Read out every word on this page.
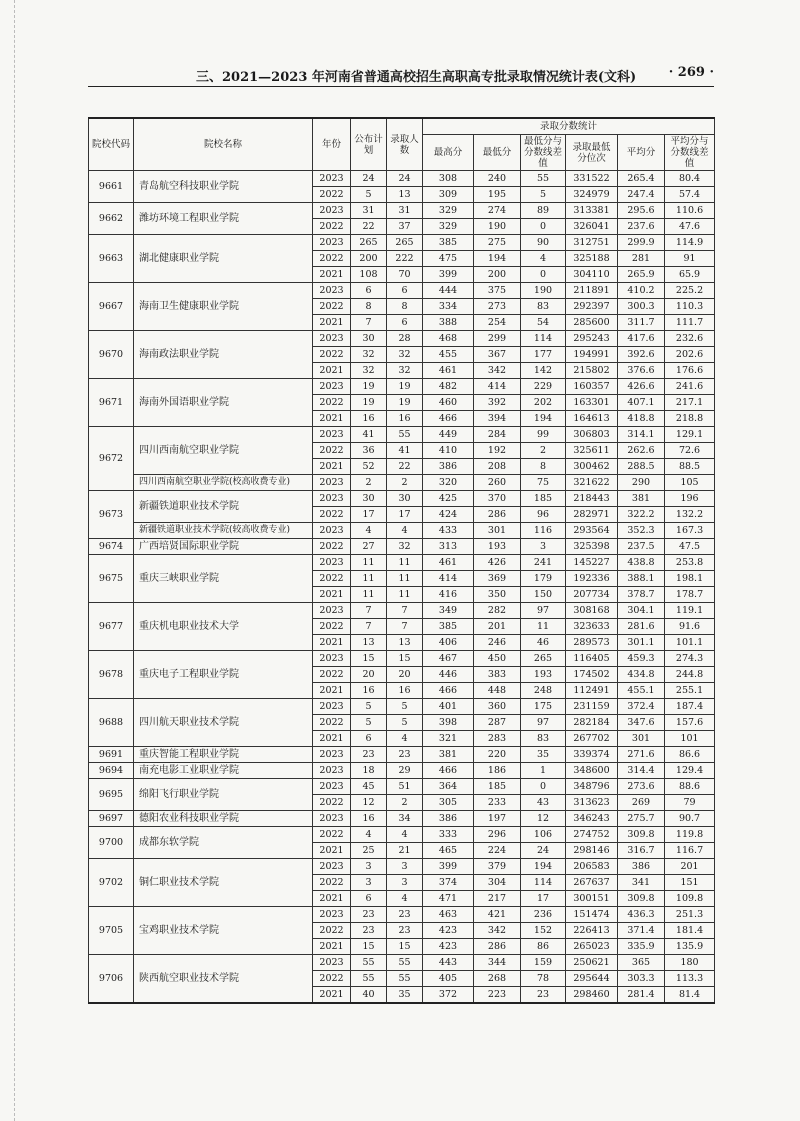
三、2021—2023 年河南省普通高校招生高职高专批录取情况统计表(文科)	· 269 ·
院校代码	院校名称	年份	公布计划	录取人数	录取分数统计					
					最高分	最低分	最低分与分数线差值	录取最低分位次	平均分	平均分与分数线差值
9661	青岛航空科技职业学院	2023	24	24	308	240	55	331522	265.4	80.4
		2022	5	13	309	195	5	324979	247.4	57.4
9662	潍坊环境工程职业学院	2023	31	31	329	274	89	313381	295.6	110.6
		2022	22	37	329	190	0	326041	237.6	47.6
9663	湖北健康职业学院	2023	265	265	385	275	90	312751	299.9	114.9
		2022	200	222	475	194	4	325188	281	91
		2021	108	70	399	200	0	304110	265.9	65.9
9667	海南卫生健康职业学院	2023	6	6	444	375	190	211891	410.2	225.2
		2022	8	8	334	273	83	292397	300.3	110.3
		2021	7	6	388	254	54	285600	311.7	111.7
9670	海南政法职业学院	2023	30	28	468	299	114	295243	417.6	232.6
		2022	32	32	455	367	177	194991	392.6	202.6
		2021	32	32	461	342	142	215802	376.6	176.6
9671	海南外国语职业学院	2023	19	19	482	414	229	160357	426.6	241.6
		2022	19	19	460	392	202	163301	407.1	217.1
		2021	16	16	466	394	194	164613	418.8	218.8
9672	四川西南航空职业学院	2023	41	55	449	284	99	306803	314.1	129.1
		2022	36	41	410	192	2	325611	262.6	72.6
		2021	52	22	386	208	8	300462	288.5	88.5
	四川西南航空职业学院(校高收费专业)	2023	2	2	320	260	75	321622	290	105
9673	新疆铁道职业技术学院	2023	30	30	425	370	185	218443	381	196
		2022	17	17	424	286	96	282971	322.2	132.2
	新疆铁道职业技术学院(较高收费专业)	2023	4	4	433	301	116	293564	352.3	167.3
9674	广西培贤国际职业学院	2022	27	32	313	193	3	325398	237.5	47.5
9675	重庆三峡职业学院	2023	11	11	461	426	241	145227	438.8	253.8
		2022	11	11	414	369	179	192336	388.1	198.1
		2021	11	11	416	350	150	207734	378.7	178.7
9677	重庆机电职业技术大学	2023	7	7	349	282	97	308168	304.1	119.1
		2022	7	7	385	201	11	323633	281.6	91.6
		2021	13	13	406	246	46	289573	301.1	101.1
9678	重庆电子工程职业学院	2023	15	15	467	450	265	116405	459.3	274.3
		2022	20	20	446	383	193	174502	434.8	244.8
		2021	16	16	466	448	248	112491	455.1	255.1
9688	四川航天职业技术学院	2023	5	5	401	360	175	231159	372.4	187.4
		2022	5	5	398	287	97	282184	347.6	157.6
		2021	6	4	321	283	83	267702	301	101
9691	重庆智能工程职业学院	2023	23	23	381	220	35	339374	271.6	86.6
9694	南充电影工业职业学院	2023	18	29	466	186	1	348600	314.4	129.4
9695	绵阳飞行职业学院	2023	45	51	364	185	0	348796	273.6	88.6
		2022	12	2	305	233	43	313623	269	79
9697	德阳农业科技职业学院	2023	16	34	386	197	12	346243	275.7	90.7
9700	成都东软学院	2022	4	4	333	296	106	274752	309.8	119.8
		2021	25	21	465	224	24	298146	316.7	116.7
9702	铜仁职业技术学院	2023	3	3	399	379	194	206583	386	201
		2022	3	3	374	304	114	267637	341	151
		2021	6	4	471	217	17	300151	309.8	109.8
9705	宝鸡职业技术学院	2023	23	23	463	421	236	151474	436.3	251.3
		2022	23	23	423	342	152	226413	371.4	181.4
		2021	15	15	423	286	86	265023	335.9	135.9
9706	陕西航空职业技术学院	2023	55	55	443	344	159	250621	365	180
		2022	55	55	405	268	78	295644	303.3	113.3
		2021	40	35	372	223	23	298460	281.4	81.4
